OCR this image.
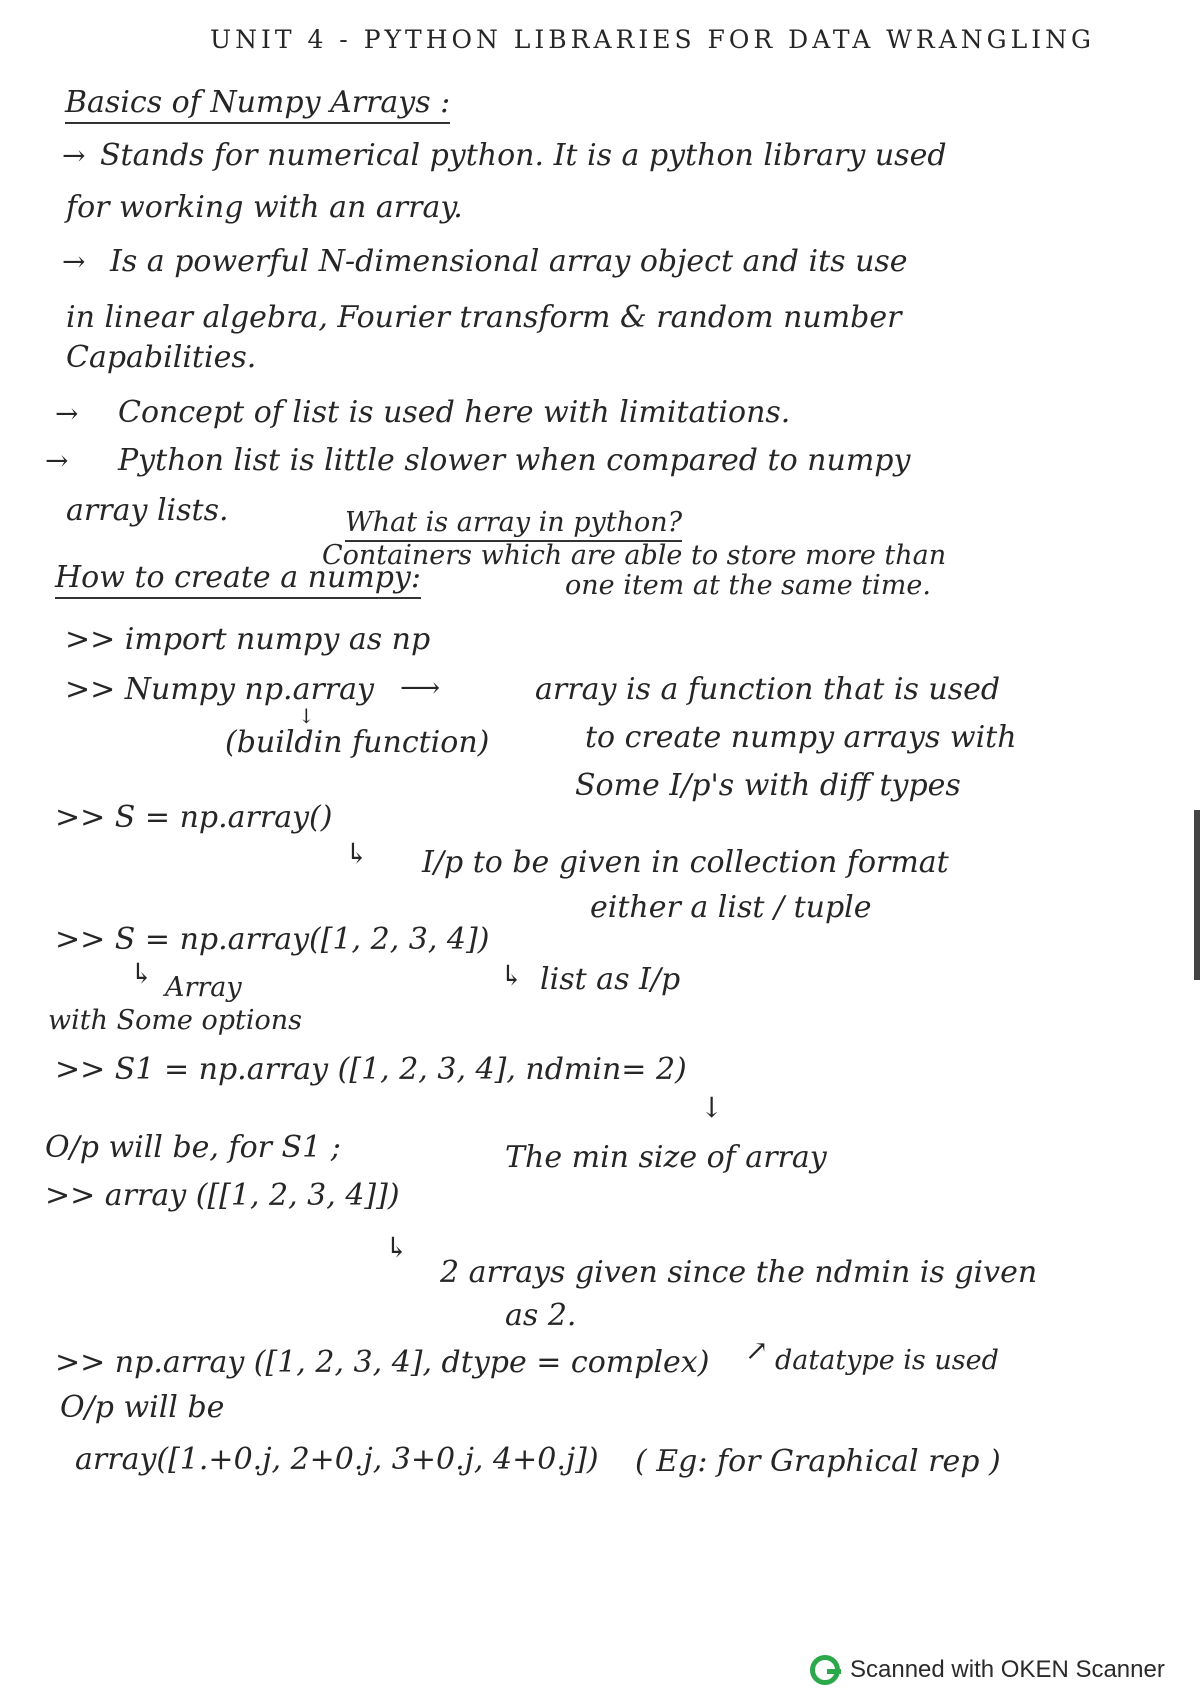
UNIT 4 - PYTHON LIBRARIES FOR DATA WRANGLING
Basics of Numpy Arrays :
→ Stands for numerical python. It is a python library used
for working with an array.
→ Is a powerful N-dimensional array object and its use
in linear algebra, Fourier transform & random number
Capabilities.
→ Concept of list is used here with limitations.
→ Python list is little slower when compared to numpy
array lists.	What is array in python?
Containers which are able to store more than
one item at the same time.
How to create a numpy:
>> import numpy as np
>> Numpy np.array ⟶
↓
(buildin function)
array is a function that is used
to create numpy arrays with
Some I/p's with diff types
>> S = np.array()
↳ I/p to be given in collection format
either a list / tuple
>> S = np.array([1, 2, 3, 4])
↳ Array	↳ list as I/p
with Some options
>> S1 = np.array ([1, 2, 3, 4], ndmin= 2)
↓
O/p will be, for S1 ;	The min size of array
>> array ([[1, 2, 3, 4]])
↳
2 arrays given since the ndmin is given
as 2.
>> np.array ([1, 2, 3, 4], dtype = complex) ↗ datatype is used
O/p will be
array([1.+0.j, 2+0.j, 3+0.j, 4+0.j]) ( Eg: for Graphical rep )
Scanned with OKEN Scanner
